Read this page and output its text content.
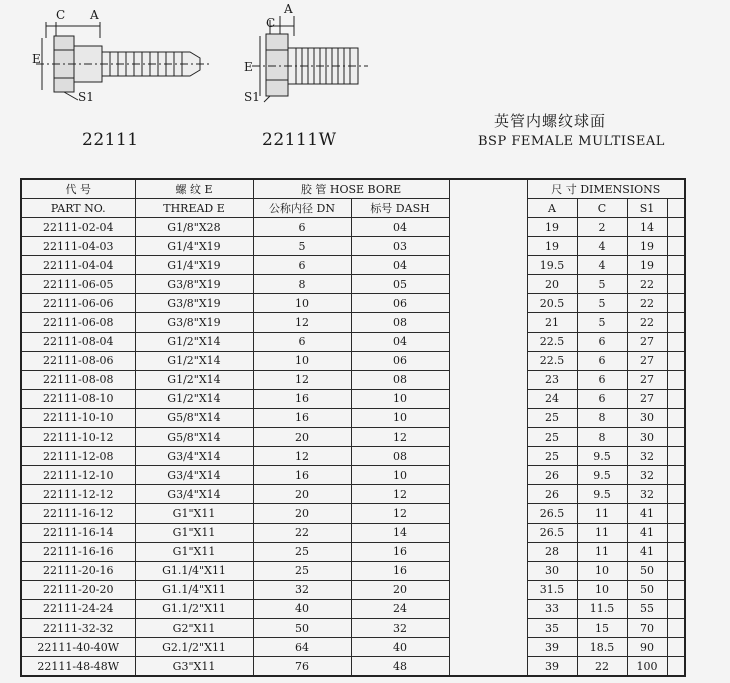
C A
E
S1
22111
C
A
E
S1
22111W
英管内螺纹球面
BSP FEMALE MULTISEAL
代 号	螺 纹 E	胶 管 HOSE BORE			尺 寸 DIMENSIONS			
PART NO.	THREAD E	公称内径 DN	标号 DASH		A	C	S1	
22111-02-04	G1/8"X28	6	04		19	2	14	
22111-04-03	G1/4"X19	5	03		19	4	19	
22111-04-04	G1/4"X19	6	04		19.5	4	19	
22111-06-05	G3/8"X19	8	05		20	5	22	
22111-06-06	G3/8"X19	10	06		20.5	5	22	
22111-06-08	G3/8"X19	12	08		21	5	22	
22111-08-04	G1/2"X14	6	04		22.5	6	27	
22111-08-06	G1/2"X14	10	06		22.5	6	27	
22111-08-08	G1/2"X14	12	08		23	6	27	
22111-08-10	G1/2"X14	16	10		24	6	27	
22111-10-10	G5/8"X14	16	10		25	8	30	
22111-10-12	G5/8"X14	20	12		25	8	30	
22111-12-08	G3/4"X14	12	08		25	9.5	32	
22111-12-10	G3/4"X14	16	10		26	9.5	32	
22111-12-12	G3/4"X14	20	12		26	9.5	32	
22111-16-12	G1"X11	20	12		26.5	11	41	
22111-16-14	G1"X11	22	14		26.5	11	41	
22111-16-16	G1"X11	25	16		28	11	41	
22111-20-16	G1.1/4"X11	25	16		30	10	50	
22111-20-20	G1.1/4"X11	32	20		31.5	10	50	
22111-24-24	G1.1/2"X11	40	24		33	11.5	55	
22111-32-32	G2"X11	50	32		35	15	70	
22111-40-40W	G2.1/2"X11	64	40		39	18.5	90	
22111-48-48W	G3"X11	76	48		39	22	100	
